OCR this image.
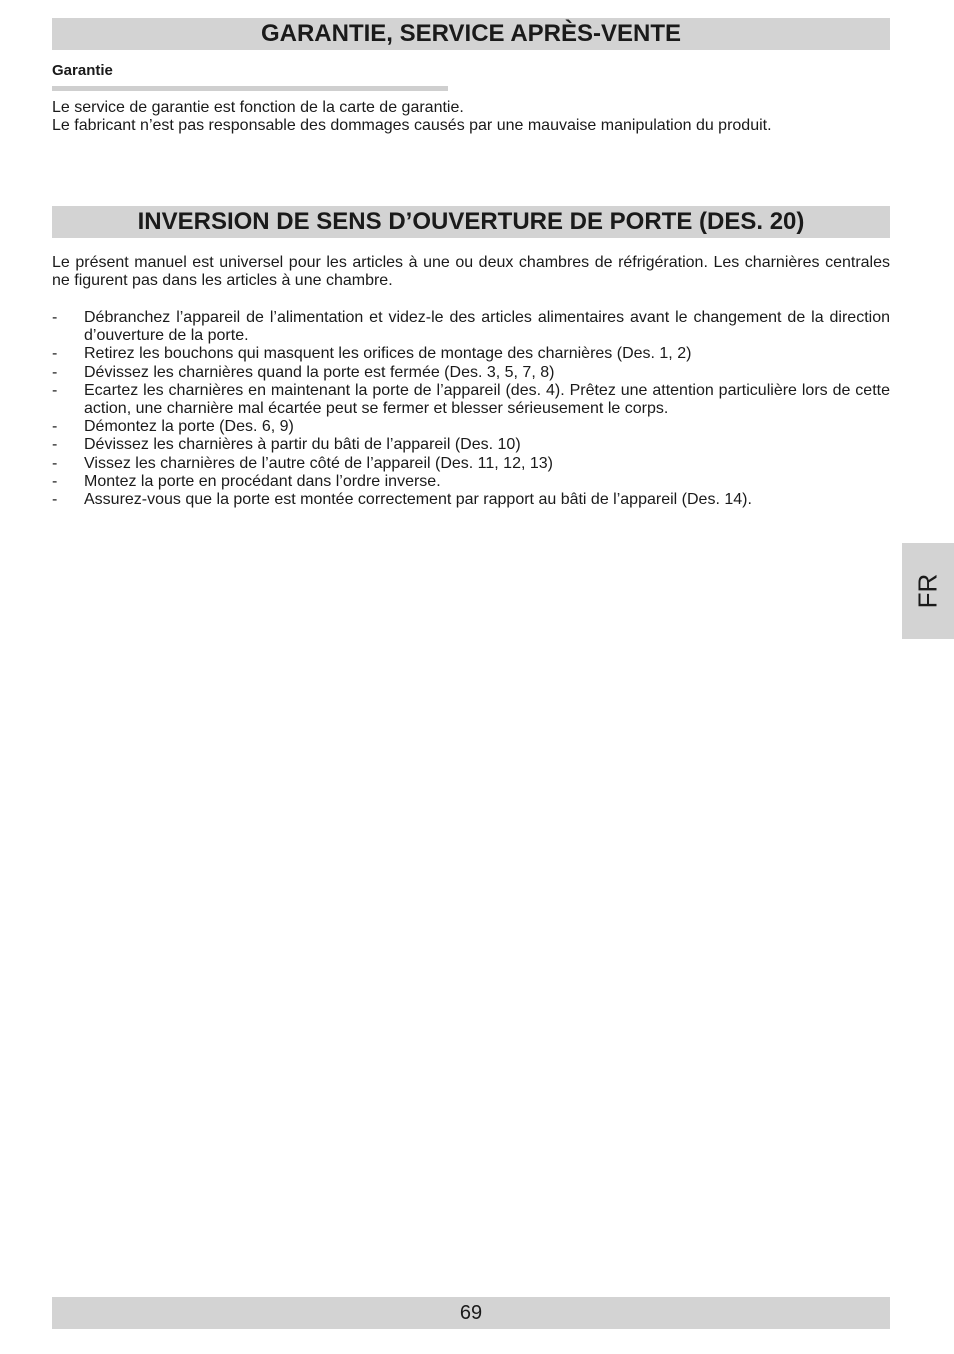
GARANTIE, SERVICE APRÈS-VENTE
Garantie

Le service de garantie est fonction de la carte de garantie.

Le fabricant n’est pas responsable des dommages causés par une mauvaise manipulation du produit.

INVERSION DE SENS D’OUVERTURE DE PORTE (DES. 20)

Le présent manuel est universel pour les articles à une ou deux chambres de réfrigération. Les charnières centrales ne figurent pas dans les articles à une chambre.

- Débranchez l’appareil de l’alimentation et videz-le des articles alimentaires avant le changement de la direction d’ouverture de la porte.
- Retirez les bouchons qui masquent les orifices de montage des charnières (Des. 1, 2)
- Dévissez les charnières quand la porte est fermée (Des. 3, 5, 7, 8)
- Ecartez les charnières en maintenant la porte de l’appareil (des. 4). Prêtez une attention particulière lors de cette action, une charnière mal écartée peut se fermer et blesser sérieusement le corps.
- Démontez la porte (Des. 6, 9)
- Dévissez les charnières à partir du bâti de l’appareil (Des. 10)
- Vissez les charnières de l’autre côté de l’appareil (Des. 11, 12, 13)
- Montez la porte en procédant dans l’ordre inverse.
- Assurez-vous que la porte est montée correctement par rapport au bâti de l’appareil (Des. 14).
FR
69
